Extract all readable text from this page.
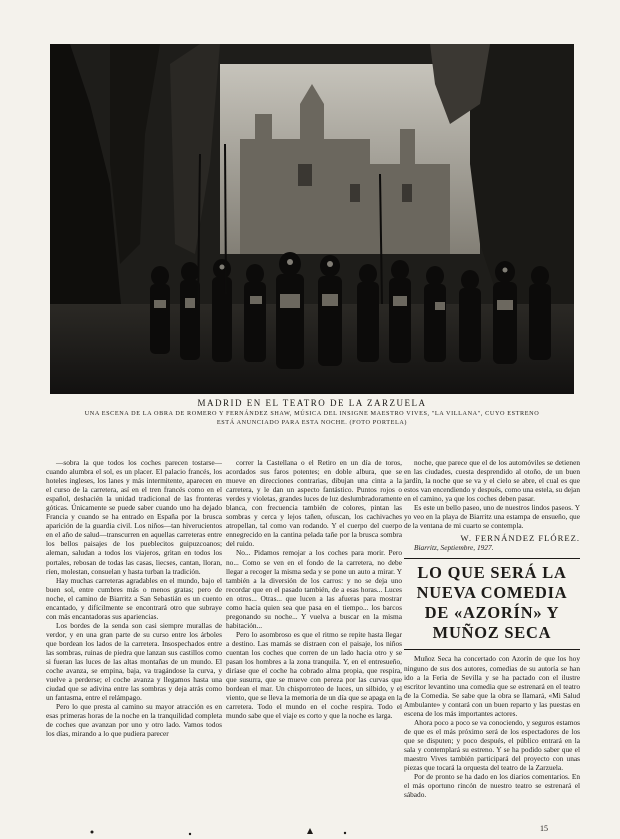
MADRID EN EL TEATRO DE LA ZARZUELA
UNA ESCENA DE LA OBRA DE ROMERO Y FERNÁNDEZ SHAW, MÚSICA DEL INSIGNE MAESTRO VIVES, "LA VILLANA", CUYO ESTRENO
ESTÁ ANUNCIADO PARA ESTA NOCHE. (FOTO PORTELA)

—sobra la que todos los coches parecen tostarse—cuando alumbra el sol, es un placer. El palacio francés, los hoteles ingleses, los lanes y más intermitente, aparecen en el curso de la carretera, así en el tren francés como en el español, deshacién la unidad tradicional de las fronteras góticas. Únicamente se puede saber cuando uno ha dejado Francia y cuando se ha entrado en España por la brusca aparición de la guardia civil. Los niños—tan hiverucientos en el año de salud—transcurren en aquellas carreteras entre los bellos paisajes de los pueblecitos guipuzcoanos; aleman, saludan a todos los viajeros, gritan en todos los portales, rebosan de todas las casas, liecses, cantan, lloran, ríen, molestan, consuelan y hasta turban la tradición.

Hay muchas carreteras agradables en el mundo, bajo el buen sol, entre cumbres más o menos gratas; pero de noche, el camino de Biarritz a San Sebastián es un cuento encantado, y difícilmente se encontrará otro que subraye con más encantadoras sus apariencias.

Los bordes de la senda son casi siempre murallas de verdor, y en una gran parte de su curso entre los árboles que bordean los lados de la carretera. Insospechados entre las sombras, ruinas de piedra que lanzan sus castillos como si fueran las luces de las altas montañas de un mundo. El coche avanza, se empina, baja, va tragándose la curva, y vuelve a perderse; el coche avanza y llegamos hasta una ciudad que se adivina entre las sombras y deja atrás como un fantasma, entre el relámpago.

Pero lo que presta al camino su mayor atracción es en esas primeras horas de la noche en la tranquilidad completa de coches que avanzan por uno y otro lado. Vamos todos los días, mirando a lo que pudiera parecer

correr la Castellana o el Retiro en un día de toros, acordados sus faros potentes; en doble albura, que se mueve en direcciones contrarias, dibujan una cinta a la carretera, y le dan un aspecto fantástico. Puntos rojos o verdes y violetas, grandes luces de luz deslumbradoramente blanca, con frecuencia también de colores, pintan las sombras y cerca y lejos tañen, ofuscan, los cachivaches atropellan, tal como van rodando. Y el cuerpo del cuerpo ennegrecido en la cantina pelada tañe por la brusca sombra del ruido.

No... Pidamos remojar a los coches para morir. Pero no... Como se ven en el fondo de la carretera, no debe llegar a recoger la misma seda y se pone un auto a mirar. Y también a la diversión de los carros: y no se deja uno recordar que en el pasado también, de a esas horas... Luces en otros... Otras... que lucen a las afueras para mostrar como hacia quien sea que pasa en el tiempo... los barcos pregonando su noche... Y vuelva a buscar en la misma habitación...

Pero lo asombroso es que el ritmo se repite hasta llegar a destino. Las mamás se distraen con el paisaje, los niños cuentan los coches que corren de un lado hacia otro y se pasan los hombres a la zona tranquila. Y, en el entresueño, diríase que el coche ha cobrado alma propia, que respira, que susurra, que se mueve con pereza por las curvas que bordean el mar. Un chisporroteo de luces, un silbido, y el viento, que se lleva la memoria de un día que se apaga en la carretera. Todo el mundo en el coche respira. Todo el mundo sabe que el viaje es corto y que la noche es larga.

noche, que parece que el de los automóviles se detienen en las ciudades, cuesta desprendido al otoño, de un buen jardín, la noche que se va y el cielo se abre, el cual es que estos van encendiendo y después, como una estela, su dejan en el camino, ya que los coches deben pasar.

Es este un bello paseo, uno de nuestros lindos paseos. Y yo veo en la playa de Biarritz una estampa de ensueño, que de la ventana de mi cuarto se contempla.

W. FERNÁNDEZ FLÓREZ.

Biarritz, Septiembre, 1927.

LO QUE SERÁ LA NUEVA COMEDIA DE «AZORÍN» Y MUÑOZ SECA

Muñoz Seca ha concertado con Azorín de que los hoy ninguno de sus dos autores, comedias de su autoría se han ido a la Feria de Sevilla y se ha pactado con el ilustre escritor levantino una comedia que se estrenará en el teatro de la Comedia. Se sabe que la obra se llamará, «Mi Salud Ambulante» y contará con un buen reparto y las puestas en escena de los más importantes actores.

Ahora poco a poco se va conociendo, y seguros estamos de que es el más próximo será de los espectadores de los que se disputen; y poco después, el público entrará en la sala y contemplará su estreno. Y se ha podido saber que el maestro Vives también participará del proyecto con unas piezas que tocará la orquesta del teatro de la Zarzuela.

Por de pronto se ha dado en los diarios comentarios. En el más oportuno rincón de nuestro teatro se estrenará el sábado.

15
